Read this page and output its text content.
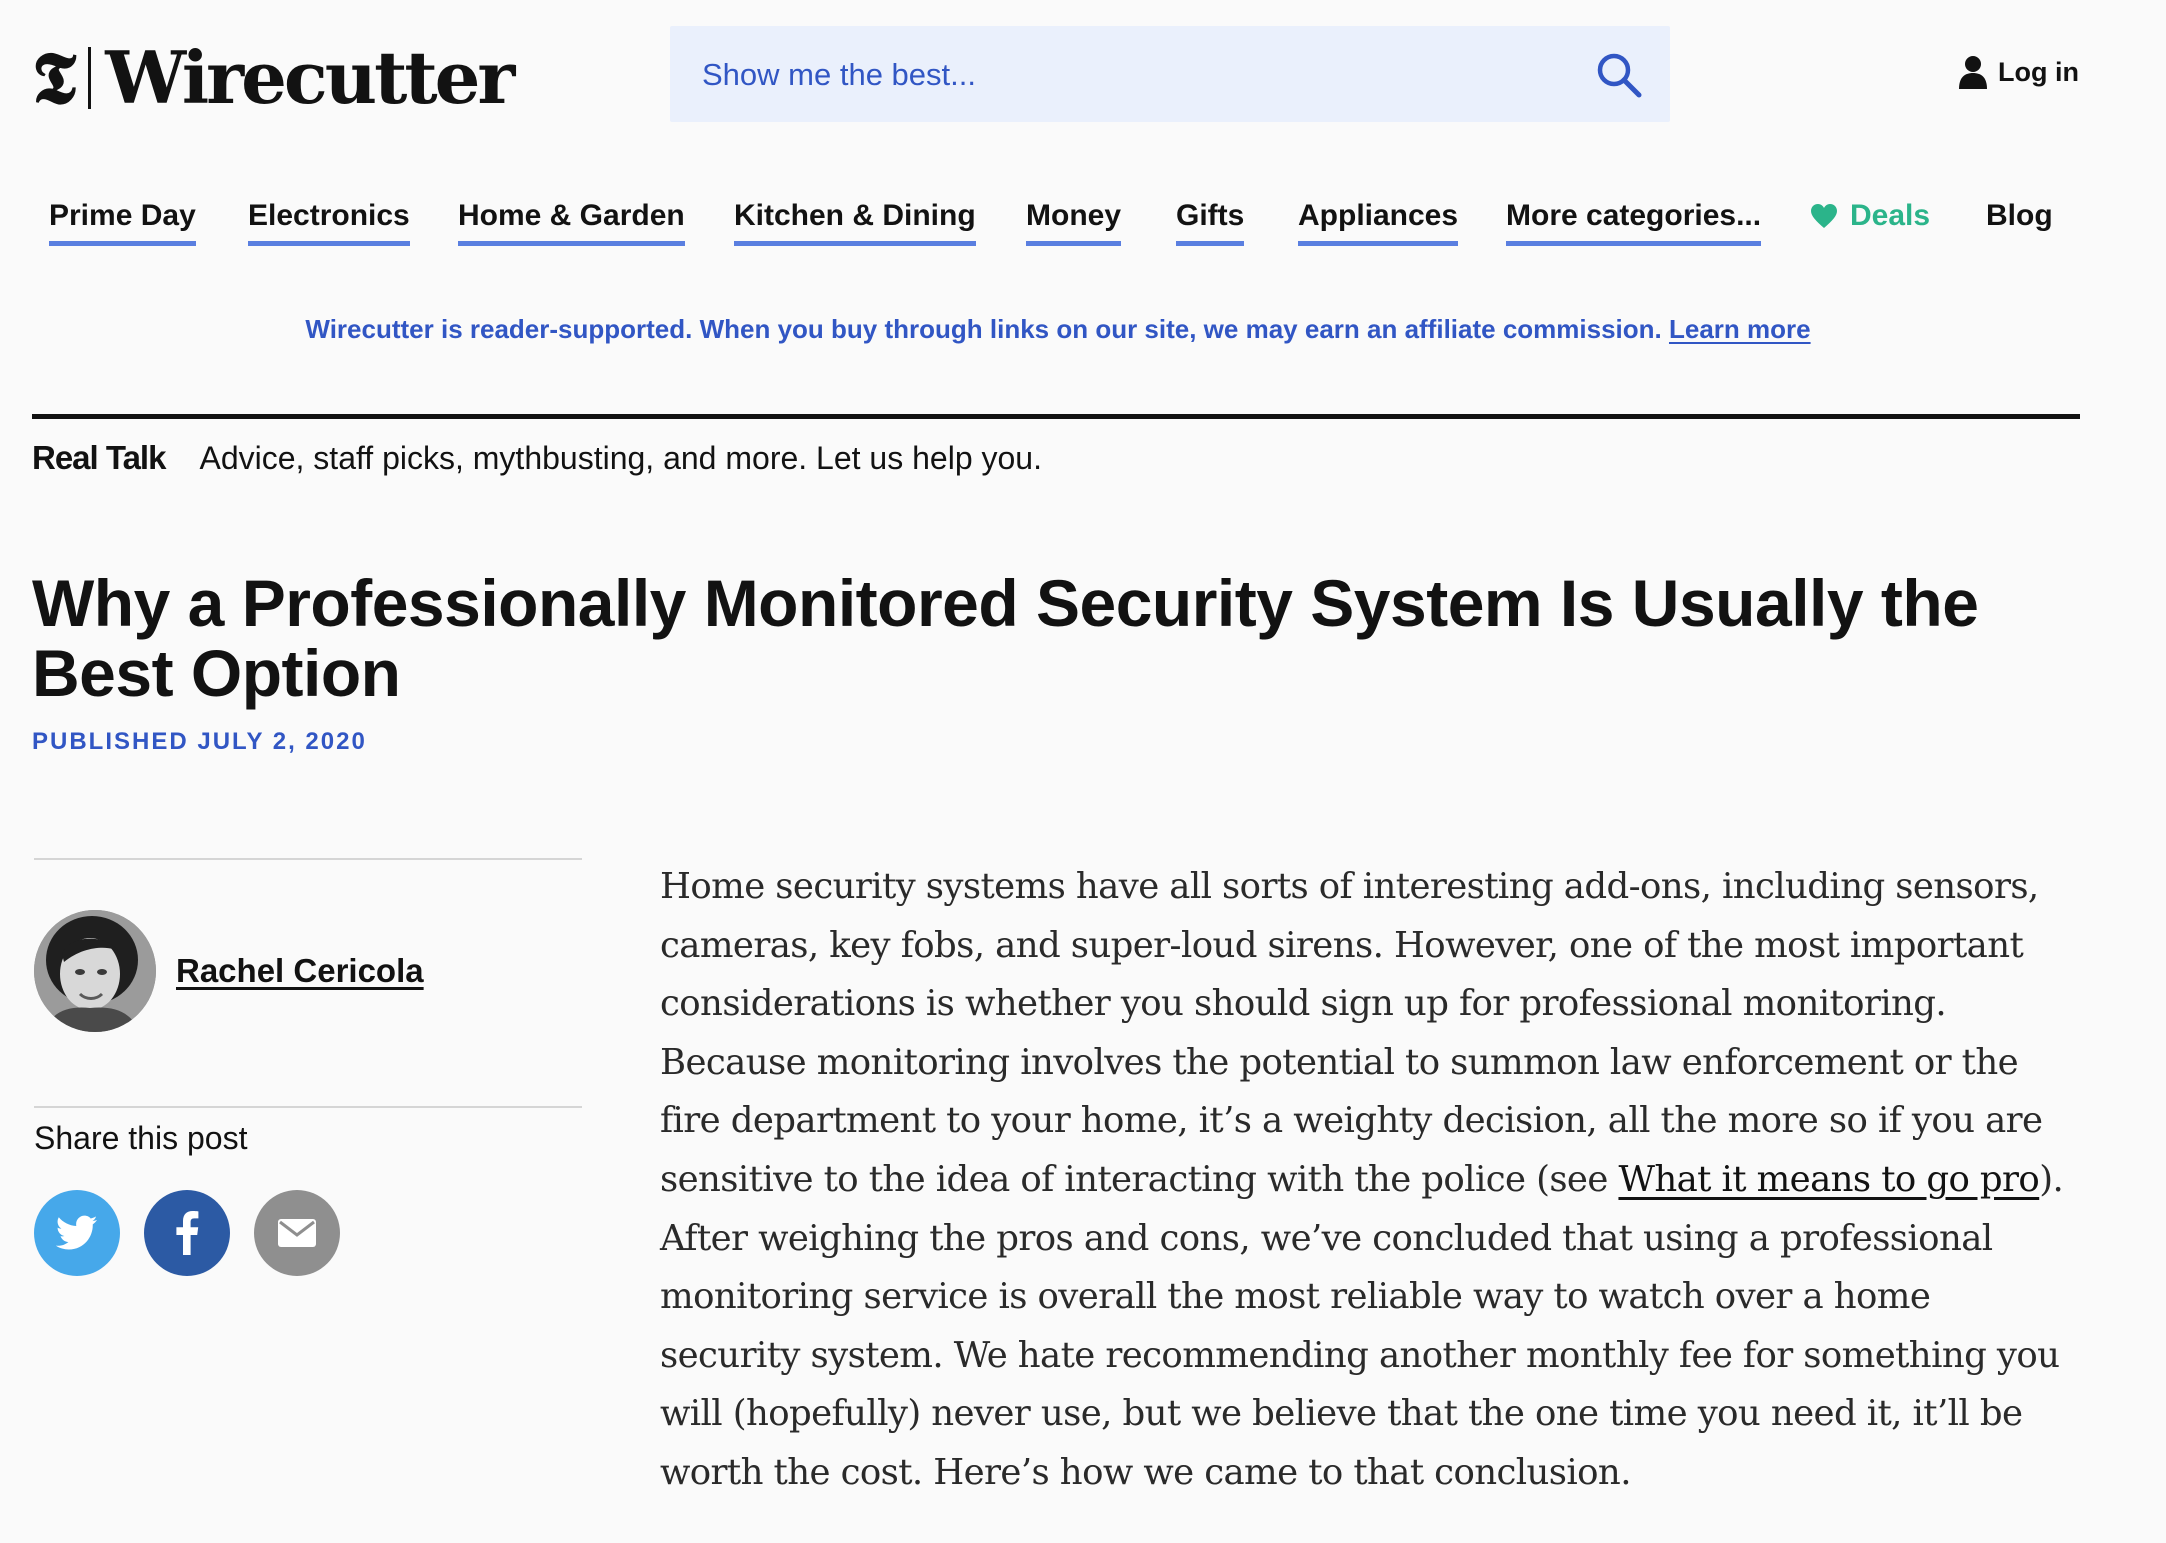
𝕿 Wirecutter
Show me the best...	Log in
Prime Day Electronics Home & Garden Kitchen & Dining Money Gifts Appliances More categories...	Deals Blog
Wirecutter is reader-supported. When you buy through links on our site, we may earn an affiliate commission. Learn more
Real Talk Advice, staff picks, mythbusting, and more. Let us help you.
Why a Professionally Monitored Security System Is Usually the Best Option
PUBLISHED JULY 2, 2020
Rachel Cericola
Share this post

Home security systems have all sorts of interesting add-ons, including sensors, cameras, key fobs, and super-loud sirens. However, one of the most important considerations is whether you should sign up for professional monitoring. Because monitoring involves the potential to summon law enforcement or the fire department to your home, it’s a weighty decision, all the more so if you are sensitive to the idea of interacting with the police (see What it means to go pro). After weighing the pros and cons, we’ve concluded that using a professional monitoring service is overall the most reliable way to watch over a home security system. We hate recommending another monthly fee for something you will (hopefully) never use, but we believe that the one time you need it, it’ll be worth the cost. Here’s how we came to that conclusion.
